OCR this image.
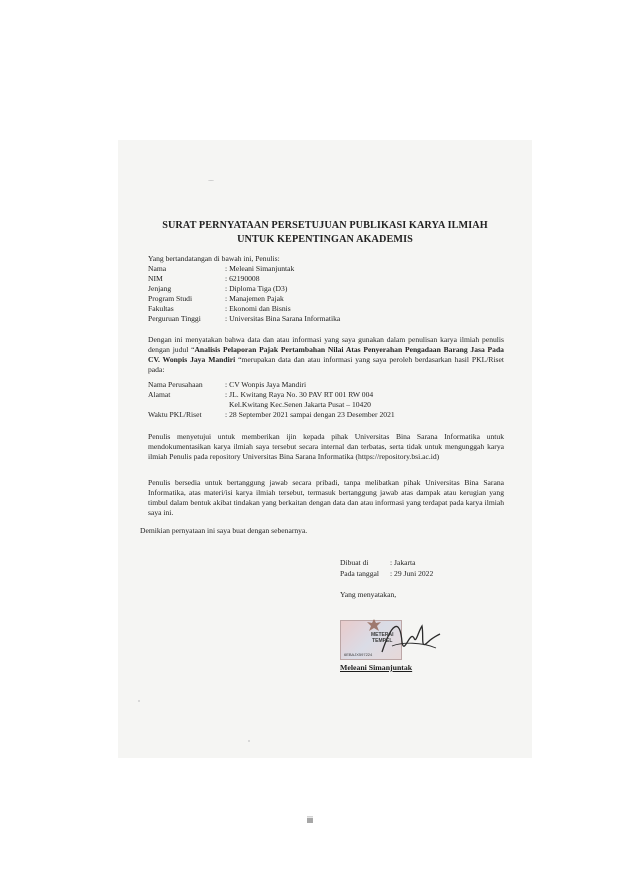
SURAT PERNYATAAN PERSETUJUAN PUBLIKASI KARYA ILMIAH
UNTUK KEPENTINGAN AKADEMIS
Yang bertandatangan di bawah ini, Penulis:
Nama	: Meleani Simanjuntak
NIM	: 62190008
Jenjang	: Diploma Tiga (D3)
Program Studi	: Manajemen Pajak
Fakultas	: Ekonomi dan Bisnis
Perguruan Tinggi	: Universitas Bina Sarana Informatika
Dengan ini menyatakan bahwa data dan atau informasi yang saya gunakan dalam penulisan karya ilmiah penulis dengan judul “Analisis Pelaporan Pajak Pertambahan Nilai Atas Penyerahan Pengadaan Barang Jasa Pada CV. Wonpis Jaya Mandiri “merupakan data dan atau informasi yang saya peroleh berdasarkan hasil PKL/Riset pada:
Nama Perusahaan	: CV Wonpis Jaya Mandiri
Alamat	: JL. Kwitang Raya No. 30 PAV RT 001 RW 004
Kel.Kwitang Kec.Senen Jakarta Pusat – 10420
Waktu PKL/Riset	: 28 September 2021 sampai dengan 23 Desember 2021
Penulis menyetujui untuk memberikan ijin kepada pihak Universitas Bina Sarana Informatika untuk mendokumentasikan karya ilmiah saya tersebut secara internal dan terbatas, serta tidak untuk mengunggah karya ilmiah Penulis pada repository Universitas Bina Sarana Informatika (https://repository.bsi.ac.id)
Penulis bersedia untuk bertanggung jawab secara pribadi, tanpa melibatkan pihak Universitas Bina Sarana Informatika, atas materi/isi karya ilmiah tersebut, termasuk bertanggung jawab atas dampak atau kerugian yang timbul dalam bentuk akibat tindakan yang berkaitan dengan data dan atau informasi yang terdapat pada karya ilmiah saya ini.
Demikian pernyataan ini saya buat dengan sebenarnya.
Dibuat di	: Jakarta
Pada tanggal : 29 Juni 2022
Yang menyatakan,
METERAI
TEMPEL
6EBAJX597224
Meleani Simanjuntak
iii
